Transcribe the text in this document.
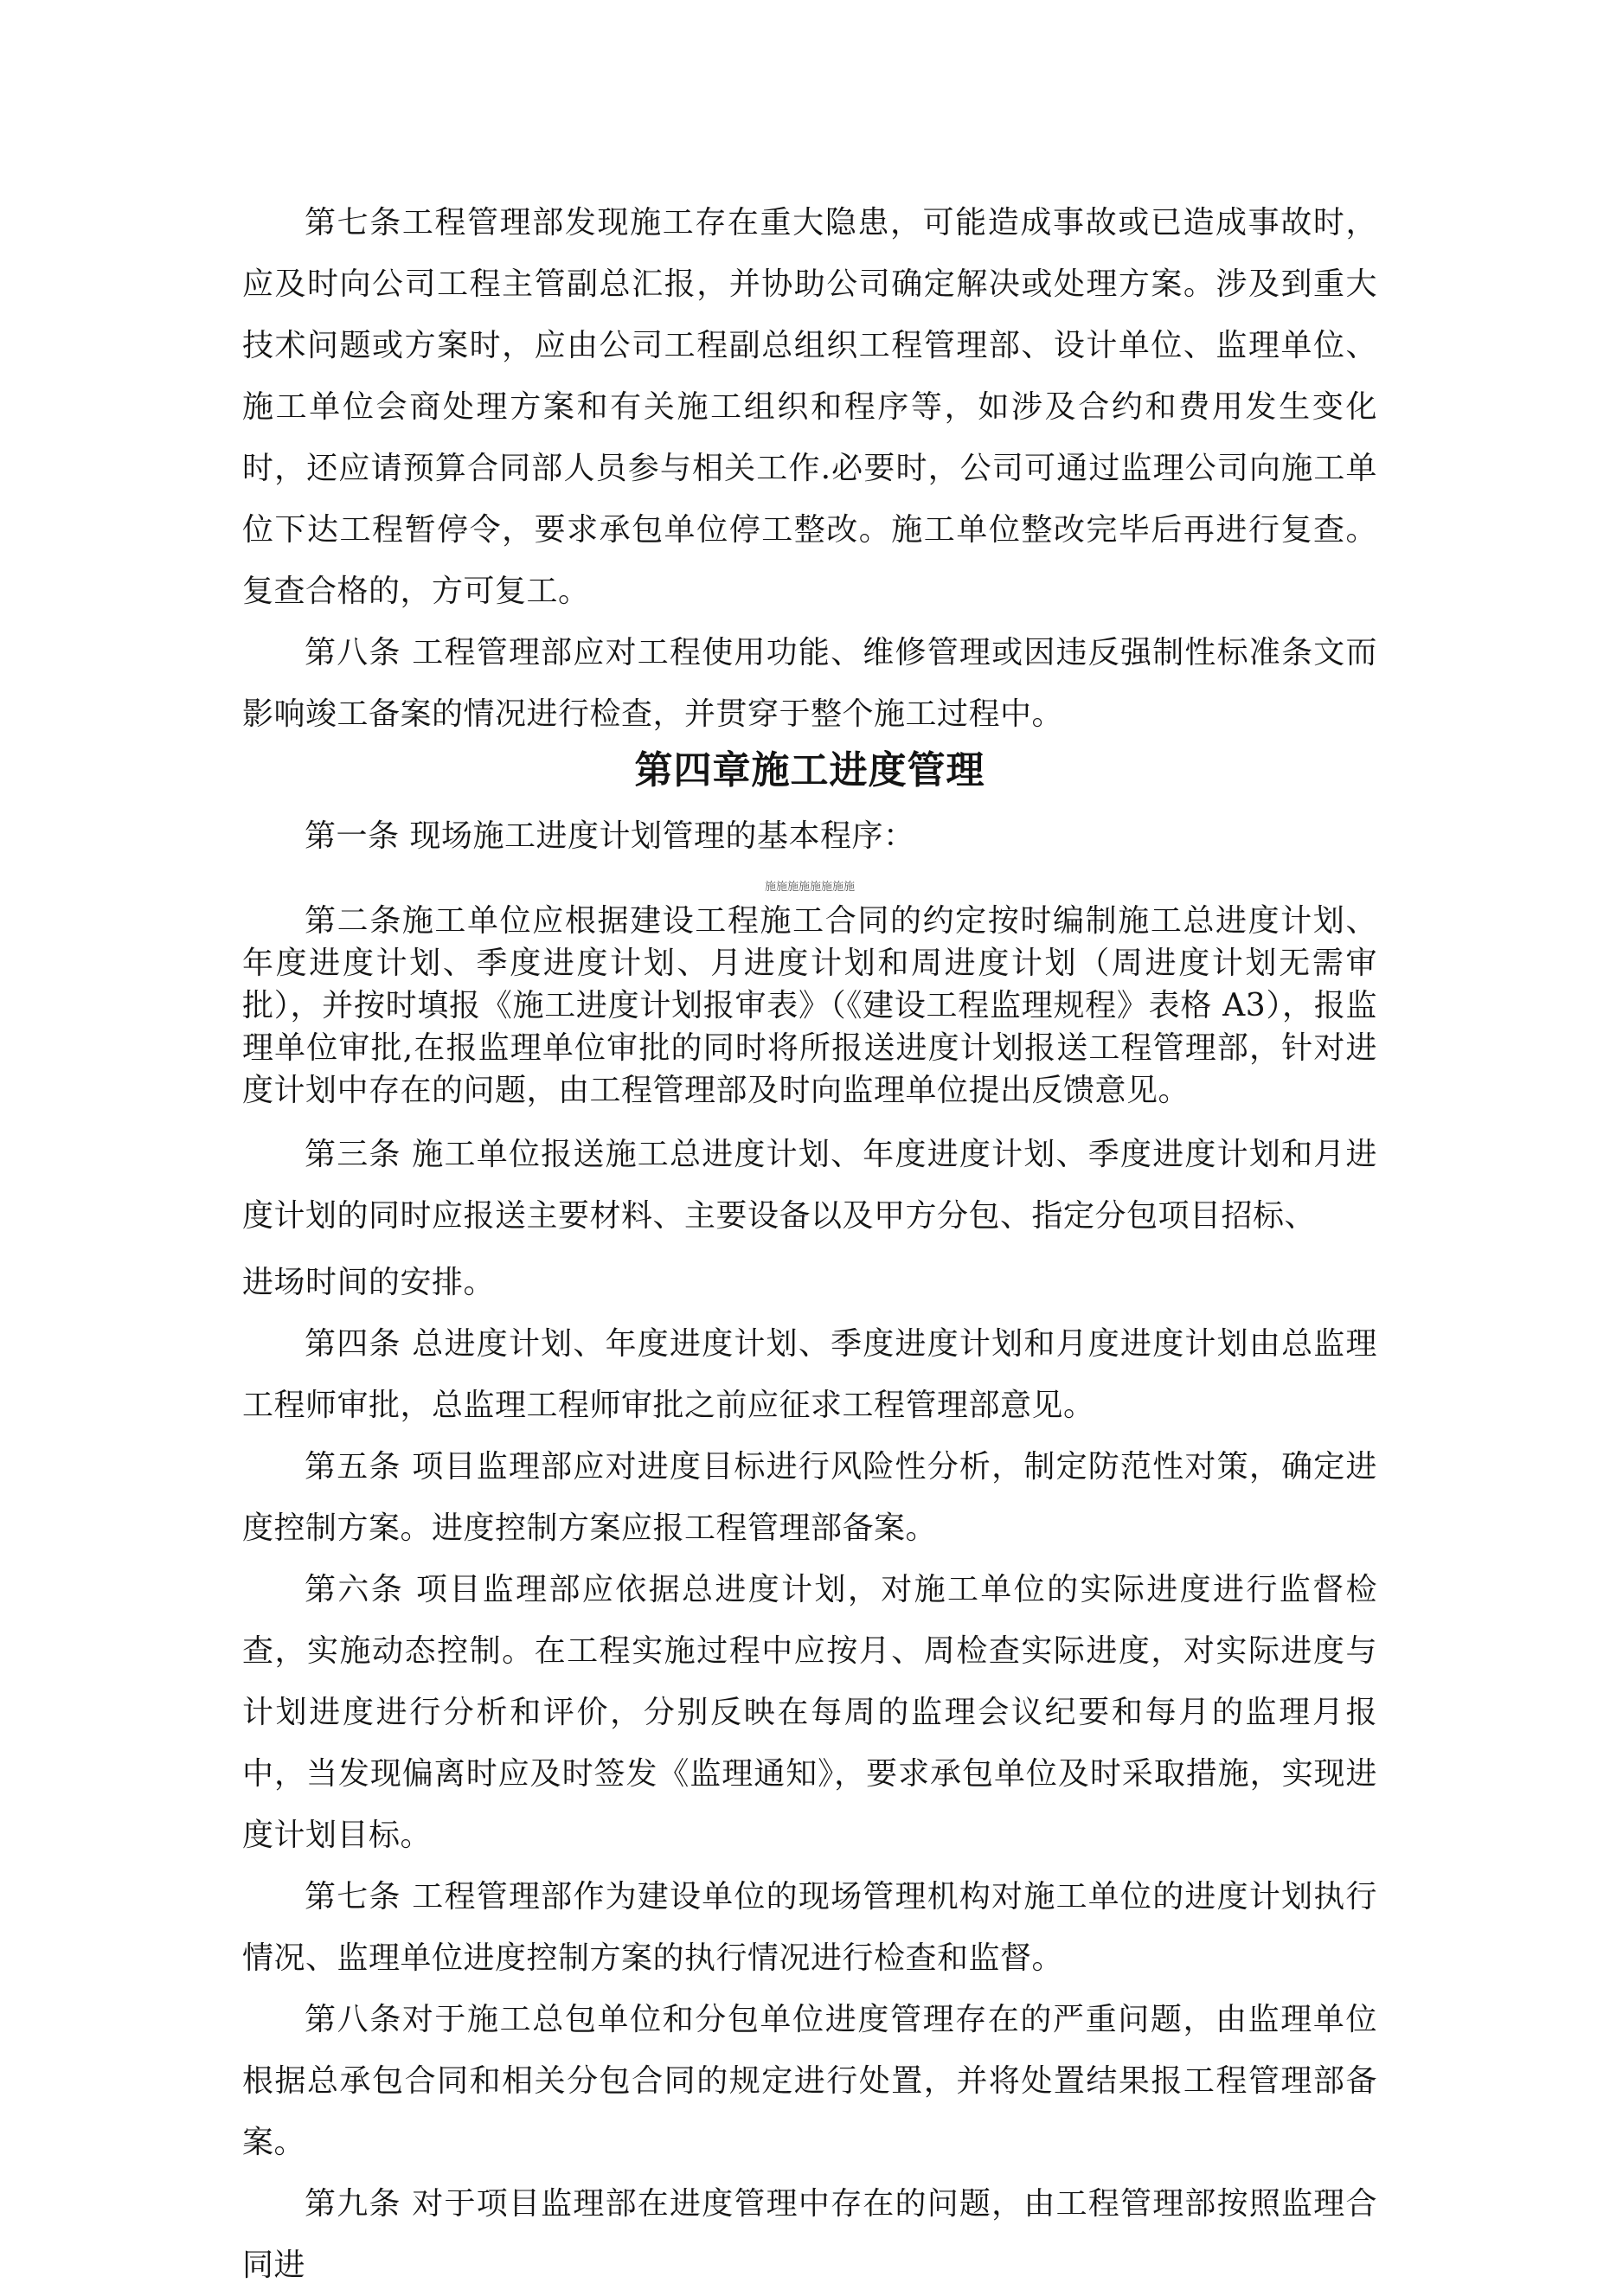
第七条工程管理部发现施工存在重大隐患，可能造成事故或已造成事故时，应及时向公司工程主管副总汇报，并协助公司确定解决或处理方案。涉及到重大技术问题或方案时，应由公司工程副总组织工程管理部、设计单位、监理单位、施工单位会商处理方案和有关施工组织和程序等，如涉及合约和费用发生变化时，还应请预算合同部人员参与相关工作.必要时，公司可通过监理公司向施工单位下达工程暂停令，要求承包单位停工整改。施工单位整改完毕后再进行复查。复查合格的，方可复工。

第八条 工程管理部应对工程使用功能、维修管理或因违反强制性标准条文而影响竣工备案的情况进行检查，并贯穿于整个施工过程中。

第四章施工进度管理

第一条 现场施工进度计划管理的基本程序：

施施施施施施施施

第二条施工单位应根据建设工程施工合同的约定按时编制施工总进度计划、年度进度计划、季度进度计划、月进度计划和周进度计划（周进度计划无需审批），并按时填报《施工进度计划报审表》（《建设工程监理规程》表格 A3），报监理单位审批,在报监理单位审批的同时将所报送进度计划报送工程管理部，针对进度计划中存在的问题，由工程管理部及时向监理单位提出反馈意见。

第三条 施工单位报送施工总进度计划、年度进度计划、季度进度计划和月进度计划的同时应报送主要材料、主要设备以及甲方分包、指定分包项目招标、

进场时间的安排。

第四条 总进度计划、年度进度计划、季度进度计划和月度进度计划由总监理工程师审批，总监理工程师审批之前应征求工程管理部意见。

第五条 项目监理部应对进度目标进行风险性分析，制定防范性对策，确定进度控制方案。进度控制方案应报工程管理部备案。

第六条 项目监理部应依据总进度计划，对施工单位的实际进度进行监督检查，实施动态控制。在工程实施过程中应按月、周检查实际进度，对实际进度与计划进度进行分析和评价，分别反映在每周的监理会议纪要和每月的监理月报中，当发现偏离时应及时签发《监理通知》，要求承包单位及时采取措施，实现进度计划目标。

第七条 工程管理部作为建设单位的现场管理机构对施工单位的进度计划执行情况、监理单位进度控制方案的执行情况进行检查和监督。

第八条对于施工总包单位和分包单位进度管理存在的严重问题，由监理单位根据总承包合同和相关分包合同的规定进行处置，并将处置结果报工程管理部备案。

第九条 对于项目监理部在进度管理中存在的问题，由工程管理部按照监理合同进
